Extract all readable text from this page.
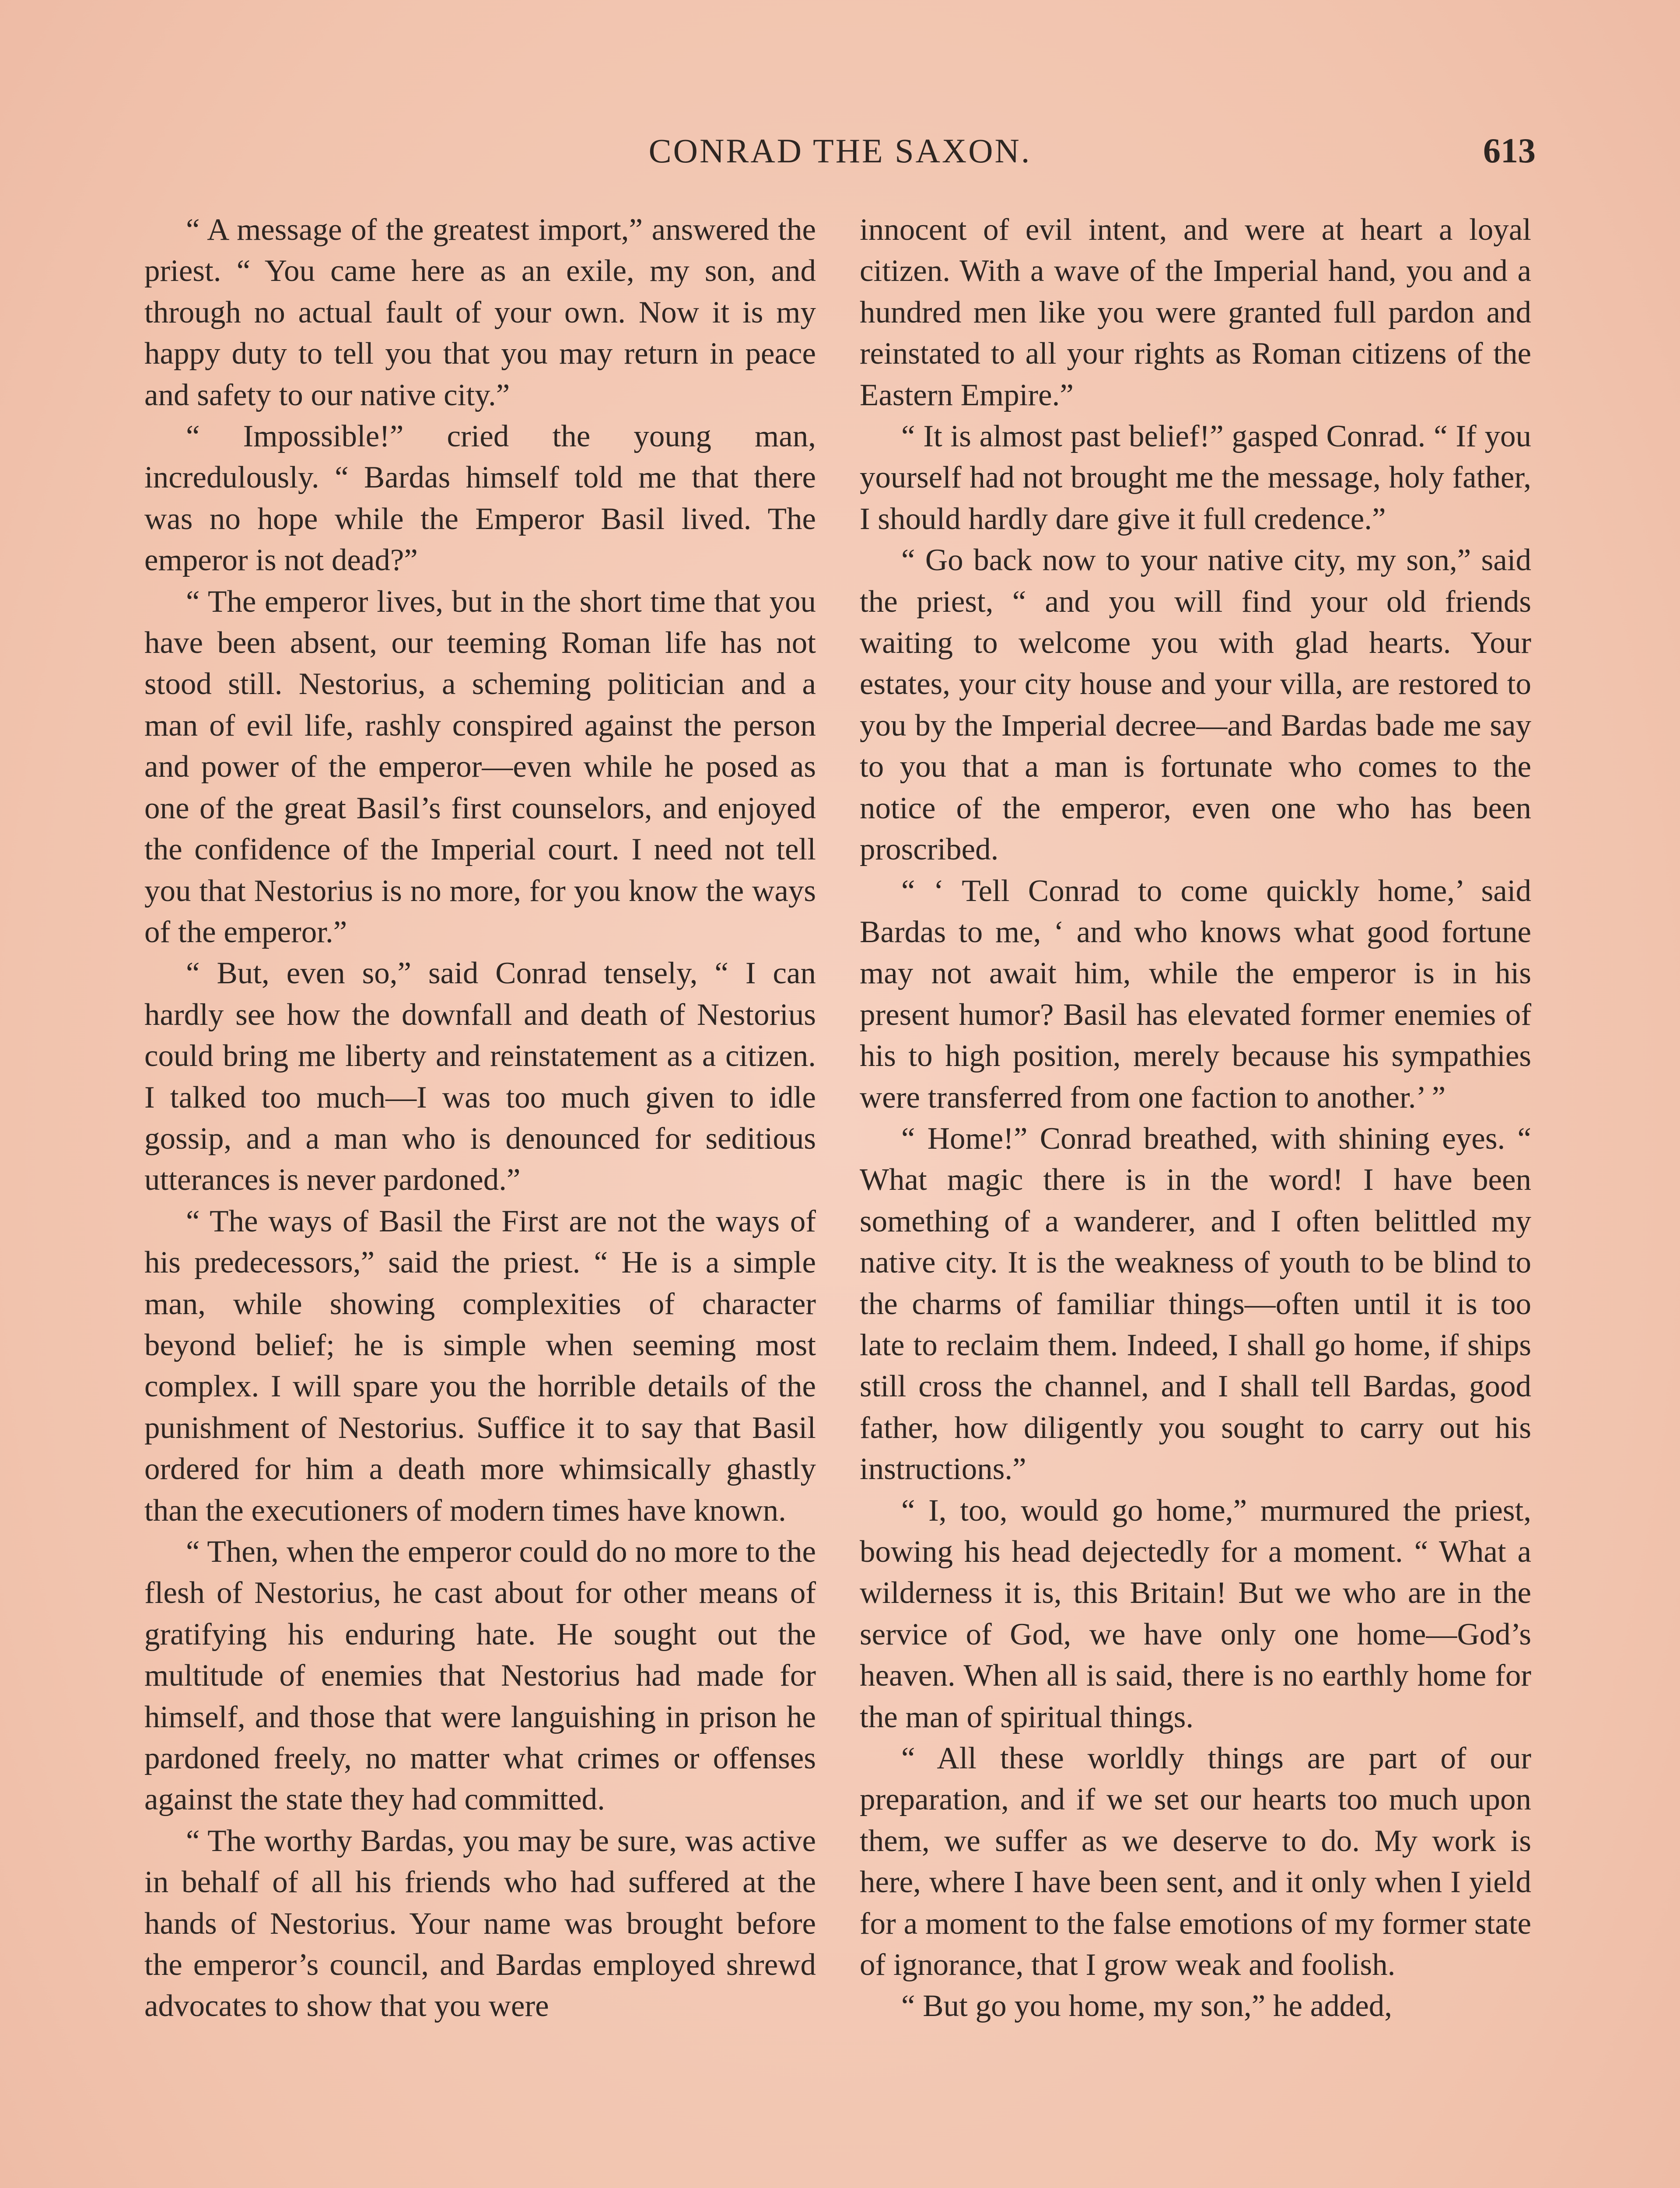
CONRAD THE SAXON.	613

“ A message of the greatest import,” answered the priest. “ You came here as an exile, my son, and through no actual fault of your own. Now it is my happy duty to tell you that you may return in peace and safety to our native city.”

“ Impossible!” cried the young man, incredulously. “ Bardas himself told me that there was no hope while the Emperor Basil lived. The emperor is not dead?”

“ The emperor lives, but in the short time that you have been absent, our teeming Roman life has not stood still. Nestorius, a scheming politician and a man of evil life, rashly conspired against the person and power of the emperor—even while he posed as one of the great Basil’s first counselors, and enjoyed the confidence of the Imperial court. I need not tell you that Nestorius is no more, for you know the ways of the emperor.”

“ But, even so,” said Conrad tensely, “ I can hardly see how the downfall and death of Nestorius could bring me liberty and reinstatement as a citizen. I talked too much—I was too much given to idle gossip, and a man who is denounced for seditious utterances is never pardoned.”

“ The ways of Basil the First are not the ways of his predecessors,” said the priest. “ He is a simple man, while showing complexities of character beyond belief; he is simple when seeming most complex. I will spare you the horrible details of the punishment of Nestorius. Suffice it to say that Basil ordered for him a death more whimsically ghastly than the executioners of modern times have known.

“ Then, when the emperor could do no more to the flesh of Nestorius, he cast about for other means of gratifying his enduring hate. He sought out the multitude of enemies that Nestorius had made for himself, and those that were languishing in prison he pardoned freely, no matter what crimes or offenses against the state they had committed.

“ The worthy Bardas, you may be sure, was active in behalf of all his friends who had suffered at the hands of Nestorius. Your name was brought before the emperor’s council, and Bardas employed shrewd advocates to show that you were

innocent of evil intent, and were at heart a loyal citizen. With a wave of the Imperial hand, you and a hundred men like you were granted full pardon and reinstated to all your rights as Roman citizens of the Eastern Empire.”

“ It is almost past belief!” gasped Conrad. “ If you yourself had not brought me the message, holy father, I should hardly dare give it full credence.”

“ Go back now to your native city, my son,” said the priest, “ and you will find your old friends waiting to welcome you with glad hearts. Your estates, your city house and your villa, are restored to you by the Imperial decree—and Bardas bade me say to you that a man is fortunate who comes to the notice of the emperor, even one who has been proscribed.

“ ‘ Tell Conrad to come quickly home,’ said Bardas to me, ‘ and who knows what good fortune may not await him, while the emperor is in his present humor? Basil has elevated former enemies of his to high position, merely because his sympathies were transferred from one faction to another.’ ”

“ Home!” Conrad breathed, with shining eyes. “ What magic there is in the word! I have been something of a wanderer, and I often belittled my native city. It is the weakness of youth to be blind to the charms of familiar things—often until it is too late to reclaim them. Indeed, I shall go home, if ships still cross the channel, and I shall tell Bardas, good father, how diligently you sought to carry out his instructions.”

“ I, too, would go home,” murmured the priest, bowing his head dejectedly for a moment. “ What a wilderness it is, this Britain! But we who are in the service of God, we have only one home—God’s heaven. When all is said, there is no earthly home for the man of spiritual things.

“ All these worldly things are part of our preparation, and if we set our hearts too much upon them, we suffer as we deserve to do. My work is here, where I have been sent, and it only when I yield for a moment to the false emotions of my former state of ignorance, that I grow weak and foolish.

“ But go you home, my son,” he added,
